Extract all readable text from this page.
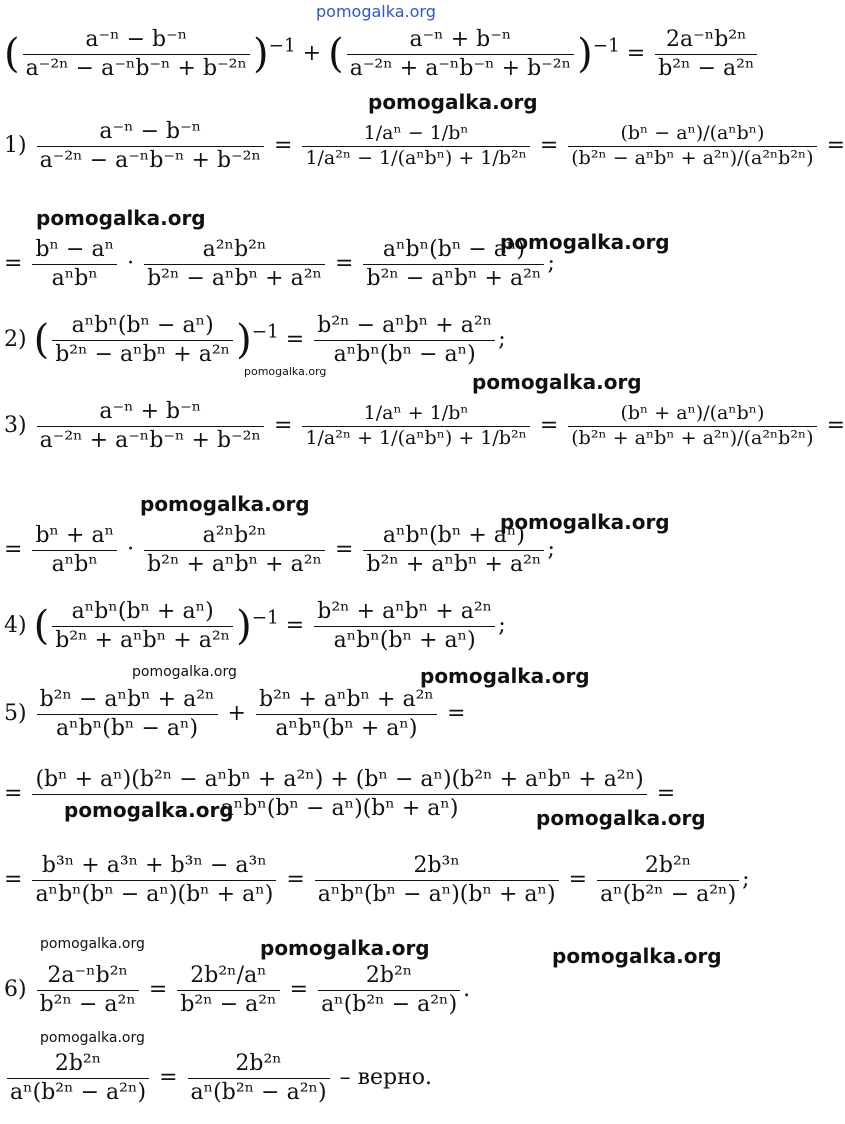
pomogalka.org
( $\frac{\text{a⁻ⁿ − b⁻ⁿ}}{\text{a⁻²ⁿ − a⁻ⁿb⁻ⁿ + b⁻²ⁿ}} )^{-1}$ + ( $\frac{\text{a⁻ⁿ + b⁻ⁿ}}{\text{a⁻²ⁿ + a⁻ⁿb⁻ⁿ + b⁻²ⁿ}} )^{-1} = \frac{\text{2a⁻ⁿb²ⁿ}}{\text{b²ⁿ − a²ⁿ}}$
pomogalka.org
$1) \frac{\text{a⁻ⁿ − b⁻ⁿ}}{\text{a⁻²ⁿ − a⁻ⁿb⁻ⁿ + b⁻²ⁿ}} = \frac{\text{1/aⁿ − 1/bⁿ}}{\text{1/a²ⁿ − 1/(aⁿbⁿ) + 1/b²ⁿ}} = \frac{\text{(bⁿ − aⁿ)/(aⁿbⁿ)}}{\text{(b²ⁿ − aⁿbⁿ + a²ⁿ)/(a²ⁿb²ⁿ)}}$ =
pomogalka.org
= $\frac{\text{bⁿ − aⁿ}}{\text{aⁿbⁿ}} \cdot \frac{\text{a²ⁿb²ⁿ}}{\text{b²ⁿ − aⁿbⁿ + a²ⁿ}} = \frac{\text{aⁿbⁿ(bⁿ − aⁿ)}}{\text{b²ⁿ − aⁿbⁿ + a²ⁿ}}$ ;
pomogalka.org
2) ( $\frac{\text{aⁿbⁿ(bⁿ − aⁿ)}}{\text{b²ⁿ − aⁿbⁿ + a²ⁿ}} )^{-1} = \frac{\text{b²ⁿ − aⁿbⁿ + a²ⁿ}}{\text{aⁿbⁿ(bⁿ − aⁿ)}}$ ;
pomogalka.org	pomogalka.org
$3) \frac{\text{a⁻ⁿ + b⁻ⁿ}}{\text{a⁻²ⁿ + a⁻ⁿb⁻ⁿ + b⁻²ⁿ}} = \frac{\text{1/aⁿ + 1/bⁿ}}{\text{1/a²ⁿ + 1/(aⁿbⁿ) + 1/b²ⁿ}} = \frac{\text{(bⁿ + aⁿ)/(aⁿbⁿ)}}{\text{(b²ⁿ + aⁿbⁿ + a²ⁿ)/(a²ⁿb²ⁿ)}}$ =
pomogalka.org
pomogalka.org
= $\frac{\text{bⁿ + aⁿ}}{\text{aⁿbⁿ}} \cdot \frac{\text{a²ⁿb²ⁿ}}{\text{b²ⁿ + aⁿbⁿ + a²ⁿ}} = \frac{\text{aⁿbⁿ(bⁿ + aⁿ)}}{\text{b²ⁿ + aⁿbⁿ + a²ⁿ}}$ ;
4) ( $\frac{\text{aⁿbⁿ(bⁿ + aⁿ)}}{\text{b²ⁿ + aⁿbⁿ + a²ⁿ}} )^{-1} = \frac{\text{b²ⁿ + aⁿbⁿ + a²ⁿ}}{\text{aⁿbⁿ(bⁿ + aⁿ)}}$ ;
pomogalka.org	pomogalka.org
$5) \frac{\text{b²ⁿ − aⁿbⁿ + a²ⁿ}}{\text{aⁿbⁿ(bⁿ − aⁿ)}} + \frac{\text{b²ⁿ + aⁿbⁿ + a²ⁿ}}{\text{aⁿbⁿ(bⁿ + aⁿ)}}$ =
= $\frac{\text{(bⁿ + aⁿ)(b²ⁿ − aⁿbⁿ + a²ⁿ) + (bⁿ − aⁿ)(b²ⁿ + aⁿbⁿ + a²ⁿ)}}{\text{aⁿbⁿ(bⁿ − aⁿ)(bⁿ + aⁿ)}}$ =
pomogalka.org	pomogalka.org
= $\frac{\text{b³ⁿ + a³ⁿ + b³ⁿ − a³ⁿ}}{\text{aⁿbⁿ(bⁿ − aⁿ)(bⁿ + aⁿ)}} = \frac{\text{2b³ⁿ}}{\text{aⁿbⁿ(bⁿ − aⁿ)(bⁿ + aⁿ)}} = \frac{\text{2b²ⁿ}}{\text{aⁿ(b²ⁿ − a²ⁿ)}}$ ;
pomogalka.org	pomogalka.org	pomogalka.org
$6) \frac{\text{2a⁻ⁿb²ⁿ}}{\text{b²ⁿ − a²ⁿ}} = \frac{\text{2b²ⁿ/aⁿ}}{\text{b²ⁿ − a²ⁿ}} = \frac{\text{2b²ⁿ}}{\text{aⁿ(b²ⁿ − a²ⁿ)}}$ .
pomogalka.org
$\frac{\text{2b²ⁿ}}{\text{aⁿ(b²ⁿ − a²ⁿ)}} = \frac{\text{2b²ⁿ}}{\text{aⁿ(b²ⁿ − a²ⁿ)}}$ – верно.
